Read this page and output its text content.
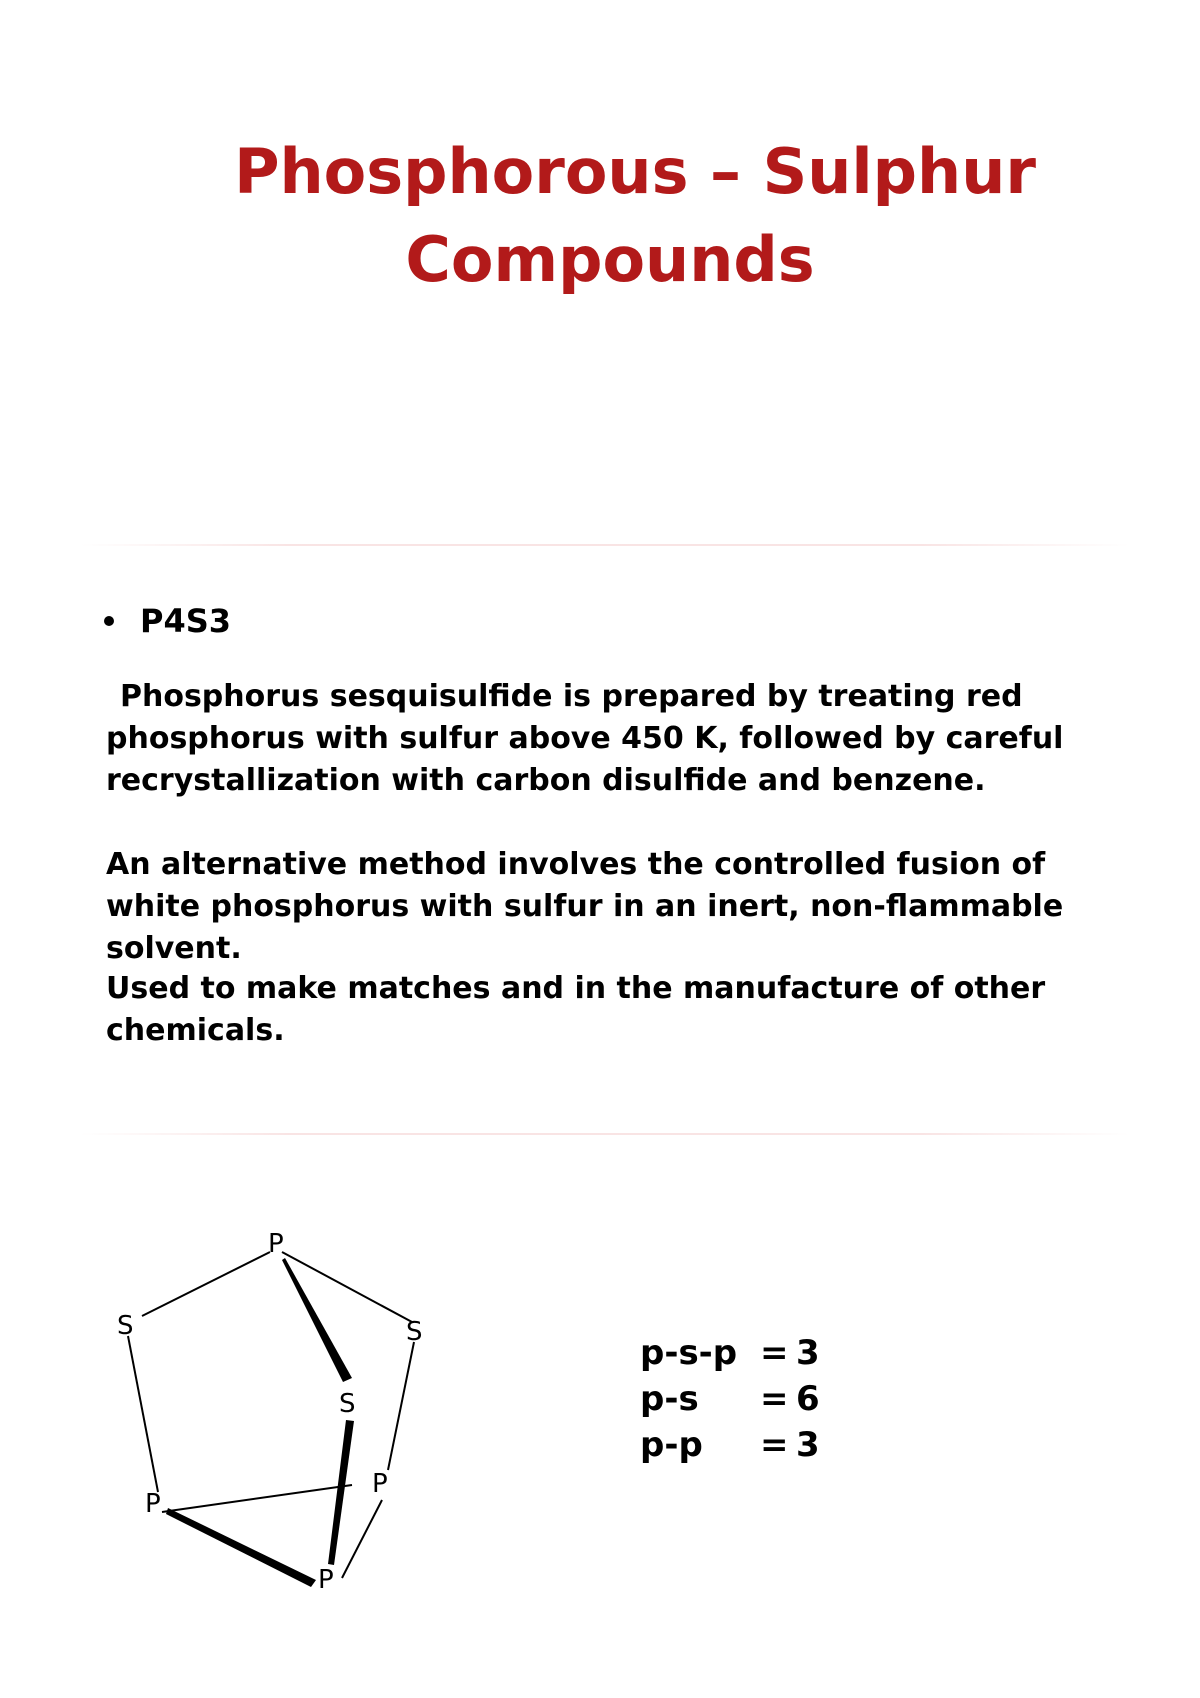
Phosphorous – Sulphur
Compounds
P4S3

Phosphorus sesquisulfide is prepared by treating red phosphorus with sulfur above 450 K, followed by careful recrystallization with carbon disulfide and benzene.

An alternative method involves the controlled fusion of white phosphorus with sulfur in an inert, non-flammable solvent.

Used to make matches and in the manufacture of other chemicals.

P
S	S
S
P
P
P
p-s-p = 3
p-s	= 6
p-p	= 3
